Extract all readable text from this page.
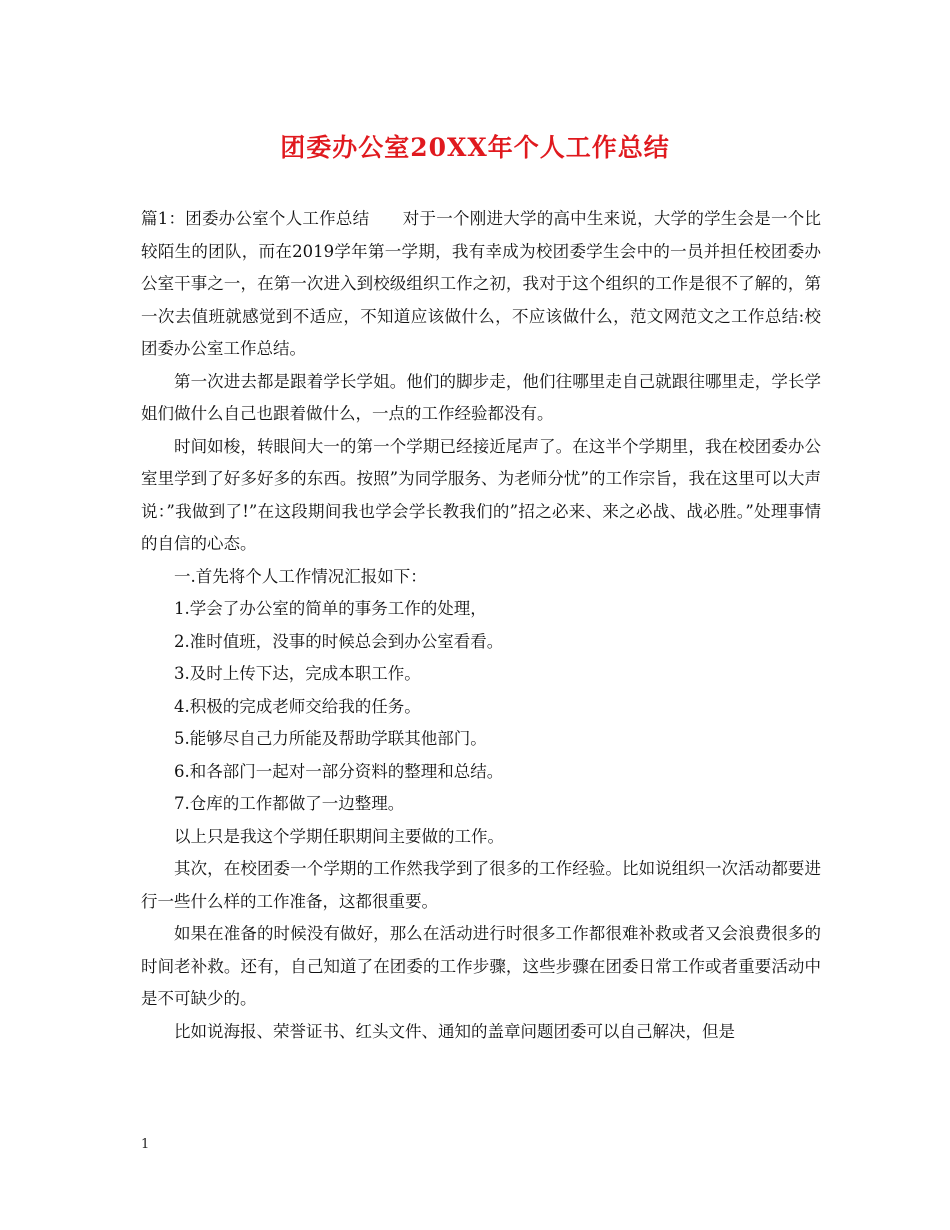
团委办公室20XX年个人工作总结

篇1：团委办公室个人工作总结　　对于一个刚进大学的高中生来说，大学的学生会是一个比较陌生的团队，而在2019学年第一学期，我有幸成为校团委学生会中的一员并担任校团委办公室干事之一，在第一次进入到校级组织工作之初，我对于这个组织的工作是很不了解的，第一次去值班就感觉到不适应，不知道应该做什么，不应该做什么，范文网范文之工作总结:校团委办公室工作总结。

第一次进去都是跟着学长学姐。他们的脚步走，他们往哪里走自己就跟往哪里走，学长学姐们做什么自己也跟着做什么，一点的工作经验都没有。

时间如梭，转眼间大一的第一个学期已经接近尾声了。在这半个学期里，我在校团委办公室里学到了好多好多的东西。按照”为同学服务、为老师分忧”的工作宗旨，我在这里可以大声说：”我做到了!”在这段期间我也学会学长教我们的”招之必来、来之必战、战必胜。”处理事情的自信的心态。

一.首先将个人工作情况汇报如下：

1.学会了办公室的简单的事务工作的处理，

2.准时值班，没事的时候总会到办公室看看。

3.及时上传下达，完成本职工作。

4.积极的完成老师交给我的任务。

5.能够尽自己力所能及帮助学联其他部门。

6.和各部门一起对一部分资料的整理和总结。

7.仓库的工作都做了一边整理。

以上只是我这个学期任职期间主要做的工作。

其次，在校团委一个学期的工作然我学到了很多的工作经验。比如说组织一次活动都要进行一些什么样的工作准备，这都很重要。

如果在准备的时候没有做好，那么在活动进行时很多工作都很难补救或者又会浪费很多的时间老补救。还有，自己知道了在团委的工作步骤，这些步骤在团委日常工作或者重要活动中是不可缺少的。

比如说海报、荣誉证书、红头文件、通知的盖章问题团委可以自己解决，但是

1
